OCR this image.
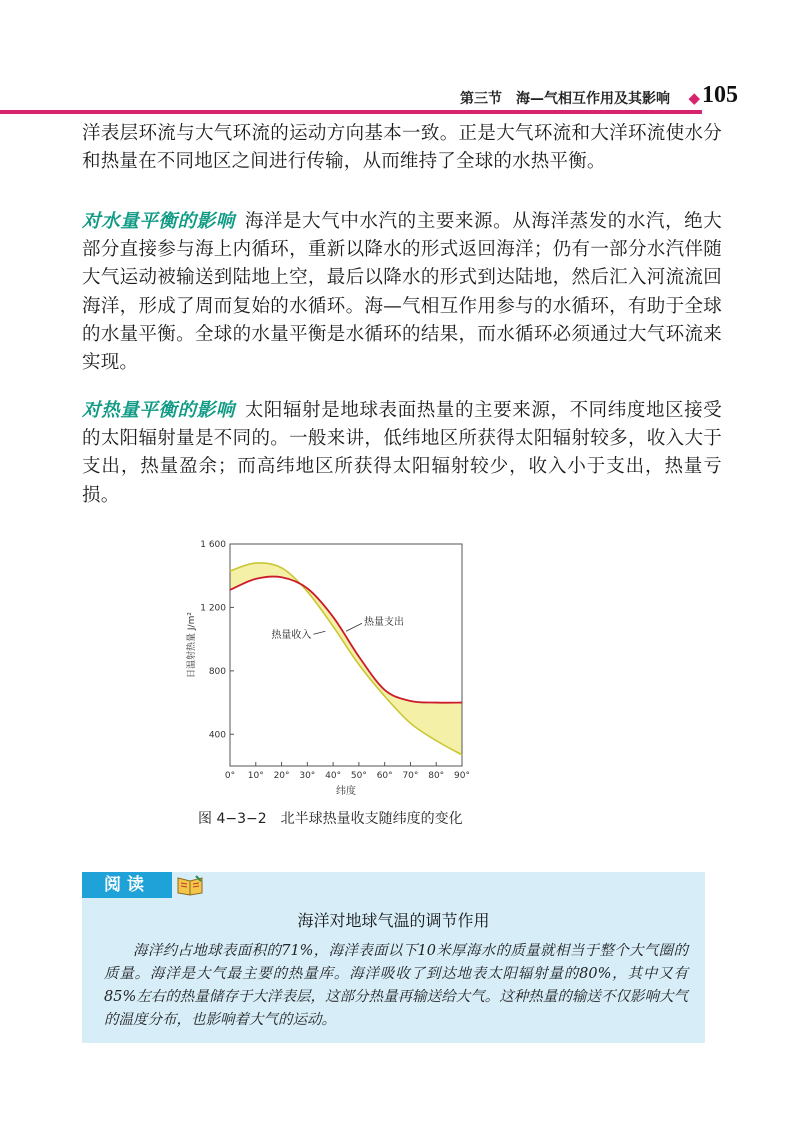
第三节　海—气相互作用及其影响 ◆ 105

洋表层环流与大气环流的运动方向基本一致。正是大气环流和大洋环流使水分和热量在不同地区之间进行传输，从而维持了全球的水热平衡。

对水量平衡的影响 海洋是大气中水汽的主要来源。从海洋蒸发的水汽，绝大部分直接参与海上内循环，重新以降水的形式返回海洋；仍有一部分水汽伴随大气运动被输送到陆地上空，最后以降水的形式到达陆地，然后汇入河流流回海洋，形成了周而复始的水循环。海—气相互作用参与的水循环，有助于全球的水量平衡。全球的水量平衡是水循环的结果，而水循环必须通过大气环流来实现。

对热量平衡的影响 太阳辐射是地球表面热量的主要来源，不同纬度地区接受的太阳辐射量是不同的。一般来讲，低纬地区所获得太阳辐射较多，收入大于支出，热量盈余；而高纬地区所获得太阳辐射较少，收入小于支出，热量亏损。

400
800
1 200
1 600
0° 10° 20° 30° 40° 50° 60° 70° 80° 90°
纬度
日温射热量 J/m²	热量支出
热量收入
图 4−3−2 北半球热量收支随纬度的变化
阅读
海洋对地球气温的调节作用
海洋约占地球表面积的71%，海洋表面以下10米厚海水的质量就相当于整个大气圈的质量。海洋是大气最主要的热量库。海洋吸收了到达地表太阳辐射量的80%，其中又有85%左右的热量储存于大洋表层，这部分热量再输送给大气。这种热量的输送不仅影响大气的温度分布，也影响着大气的运动。
